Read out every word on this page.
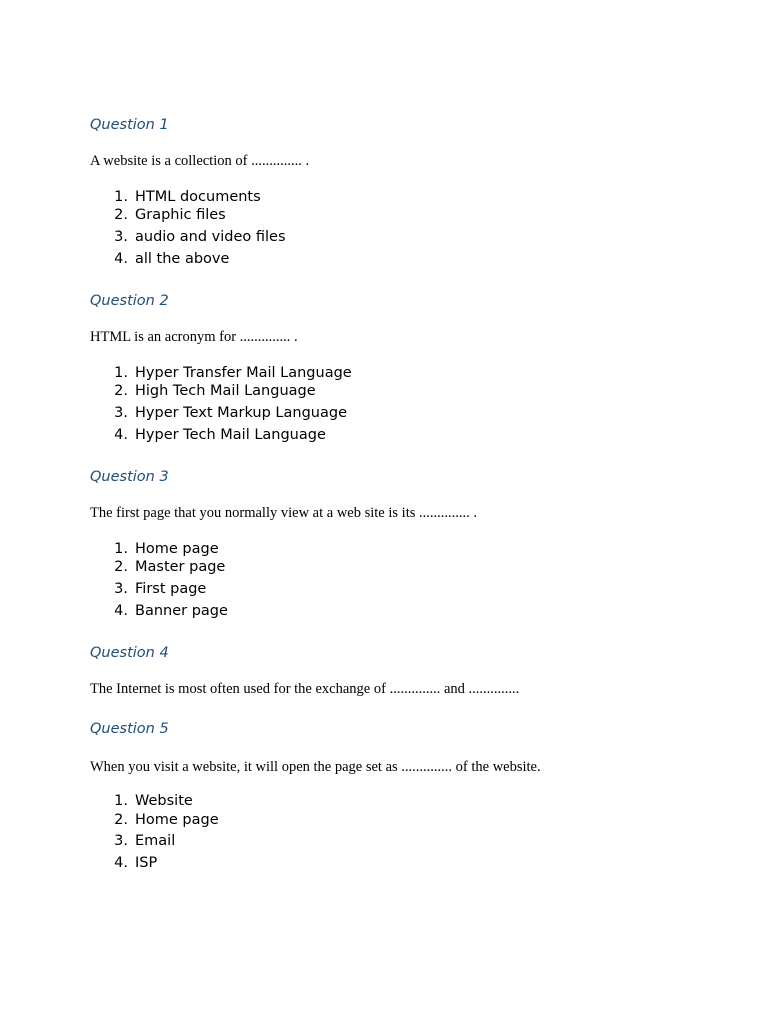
Question 1

A website is a collection of .............. .

1. HTML documents
2. Graphic files
3. audio and video files
4. all the above
Question 2

HTML is an acronym for .............. .

1. Hyper Transfer Mail Language
2. High Tech Mail Language
3. Hyper Text Markup Language
4. Hyper Tech Mail Language
Question 3

The first page that you normally view at a web site is its .............. .

1. Home page
2. Master page
3. First page
4. Banner page
Question 4

The Internet is most often used for the exchange of .............. and ..............

Question 5

When you visit a website, it will open the page set as .............. of the website.

1. Website
2. Home page
3. Email
4. ISP
